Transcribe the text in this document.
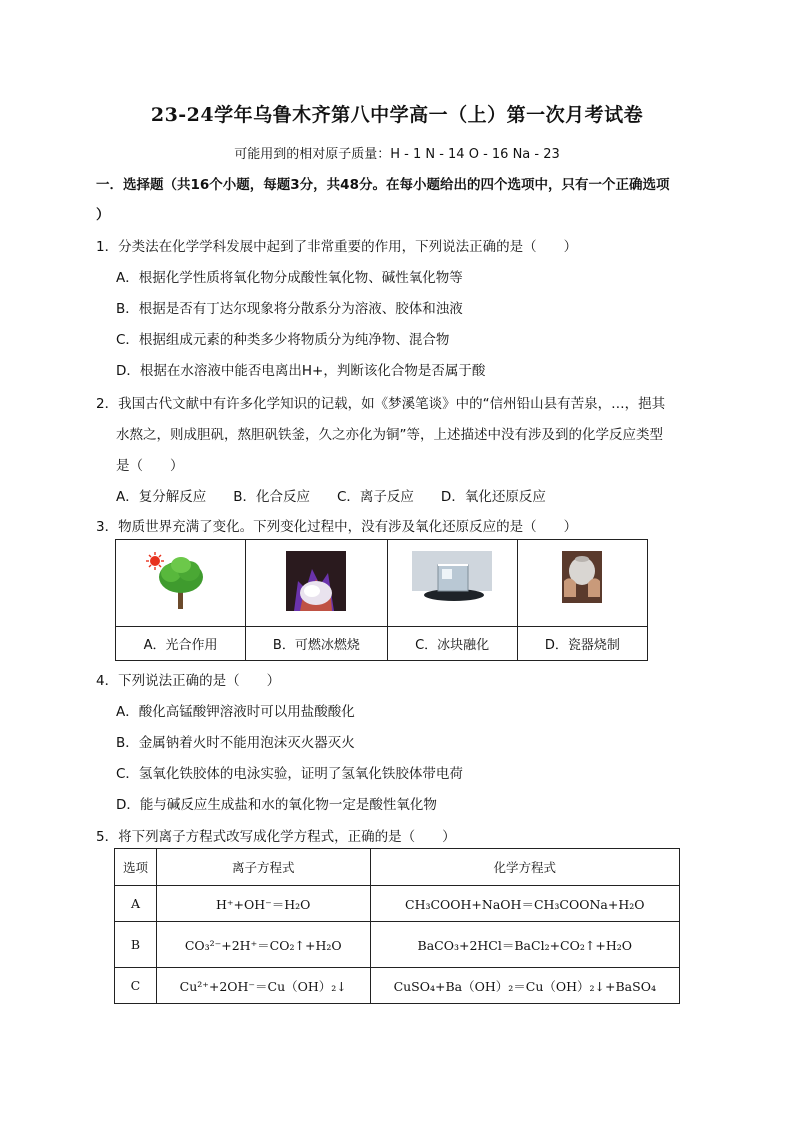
23-24学年乌鲁木齐第八中学高一（上）第一次月考试卷
可能用到的相对原子质量：H - 1 N - 14 O - 16 Na - 23
一．选择题（共16个小题，每题3分，共48分。在每小题给出的四个选项中，只有一个正确选项
）
1．分类法在化学学科发展中起到了非常重要的作用，下列说法正确的是（　　）
A．根据化学性质将氧化物分成酸性氧化物、碱性氧化物等
B．根据是否有丁达尔现象将分散系分为溶液、胶体和浊液
C．根据组成元素的种类多少将物质分为纯净物、混合物
D．根据在水溶液中能否电离出H+，判断该化合物是否属于酸
2．我国古代文献中有许多化学知识的记载，如《梦溪笔谈》中的“信州铅山县有苦泉，…，挹其
水熬之，则成胆矾，熬胆矾铁釜，久之亦化为铜”等，上述描述中没有涉及到的化学反应类型
是（　　）
A．复分解反应　　B．化合反应　　C．离子反应　　D．氧化还原反应
3．物质世界充满了变化。下列变化过程中，没有涉及氧化还原反应的是（　　）

A．光合作用	B．可燃冰燃烧	C．冰块融化	D．瓷器烧制
4．下列说法正确的是（　　）
A．酸化高锰酸钾溶液时可以用盐酸酸化
B．金属钠着火时不能用泡沫灭火器灭火
C．氢氧化铁胶体的电泳实验，证明了氢氧化铁胶体带电荷
D．能与碱反应生成盐和水的氧化物一定是酸性氧化物
5．将下列离子方程式改写成化学方程式，正确的是（　　）
选项	离子方程式	化学方程式
A	H⁺+OH⁻＝H₂O	CH₃COOH+NaOH＝CH₃COONa+H₂O
B	CO₃²⁻+2H⁺＝CO₂↑+H₂O	BaCO₃+2HCl＝BaCl₂+CO₂↑+H₂O
C	Cu²⁺+2OH⁻＝Cu（OH）₂↓	CuSO₄+Ba（OH）₂＝Cu（OH）₂↓+BaSO₄
